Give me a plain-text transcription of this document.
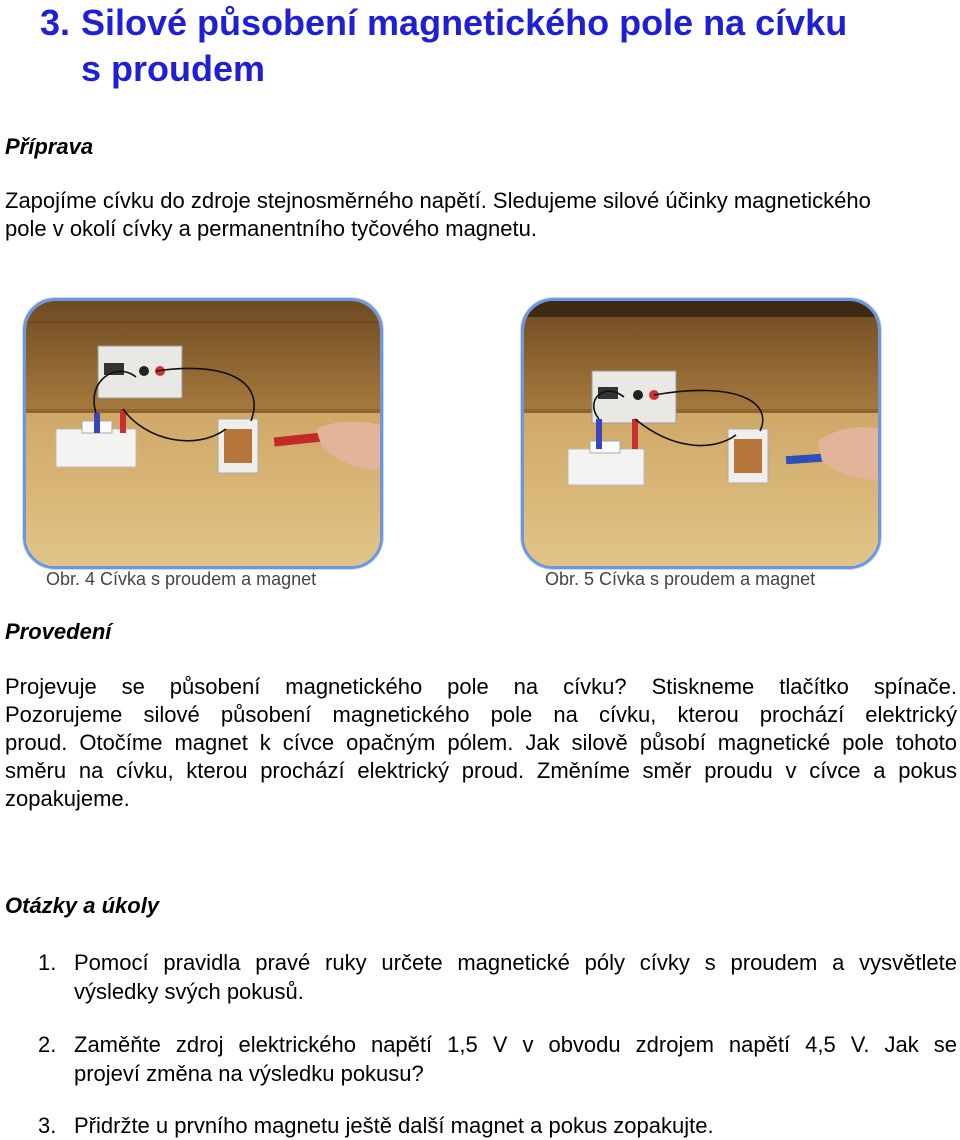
3. Silové působení magnetického pole na cívku
s proudem
Příprava
Zapojíme cívku do zdroje stejnosměrného napětí. Sledujeme silové účinky magnetického
pole v okolí cívky a permanentního tyčového magnetu.
Obr. 4 Cívka s proudem a magnet	Obr. 5 Cívka s proudem a magnet
Provedení
Projevuje se působení magnetického pole na cívku? Stiskneme tlačítko spínače.
Pozorujeme silové působení magnetického pole na cívku, kterou prochází elektrický
proud. Otočíme magnet k cívce opačným pólem. Jak silově působí magnetické pole tohoto
směru na cívku, kterou prochází elektrický proud. Změníme směr proudu v cívce a pokus
zopakujeme.
Otázky a úkoly
1. Pomocí pravidla pravé ruky určete magnetické póly cívky s proudem a vysvětlete
výsledky svých pokusů.
2. Zaměňte zdroj elektrického napětí 1,5 V v obvodu zdrojem napětí 4,5 V. Jak se
projeví změna na výsledku pokusu?
3. Přidržte u prvního magnetu ještě další magnet a pokus zopakujte.
